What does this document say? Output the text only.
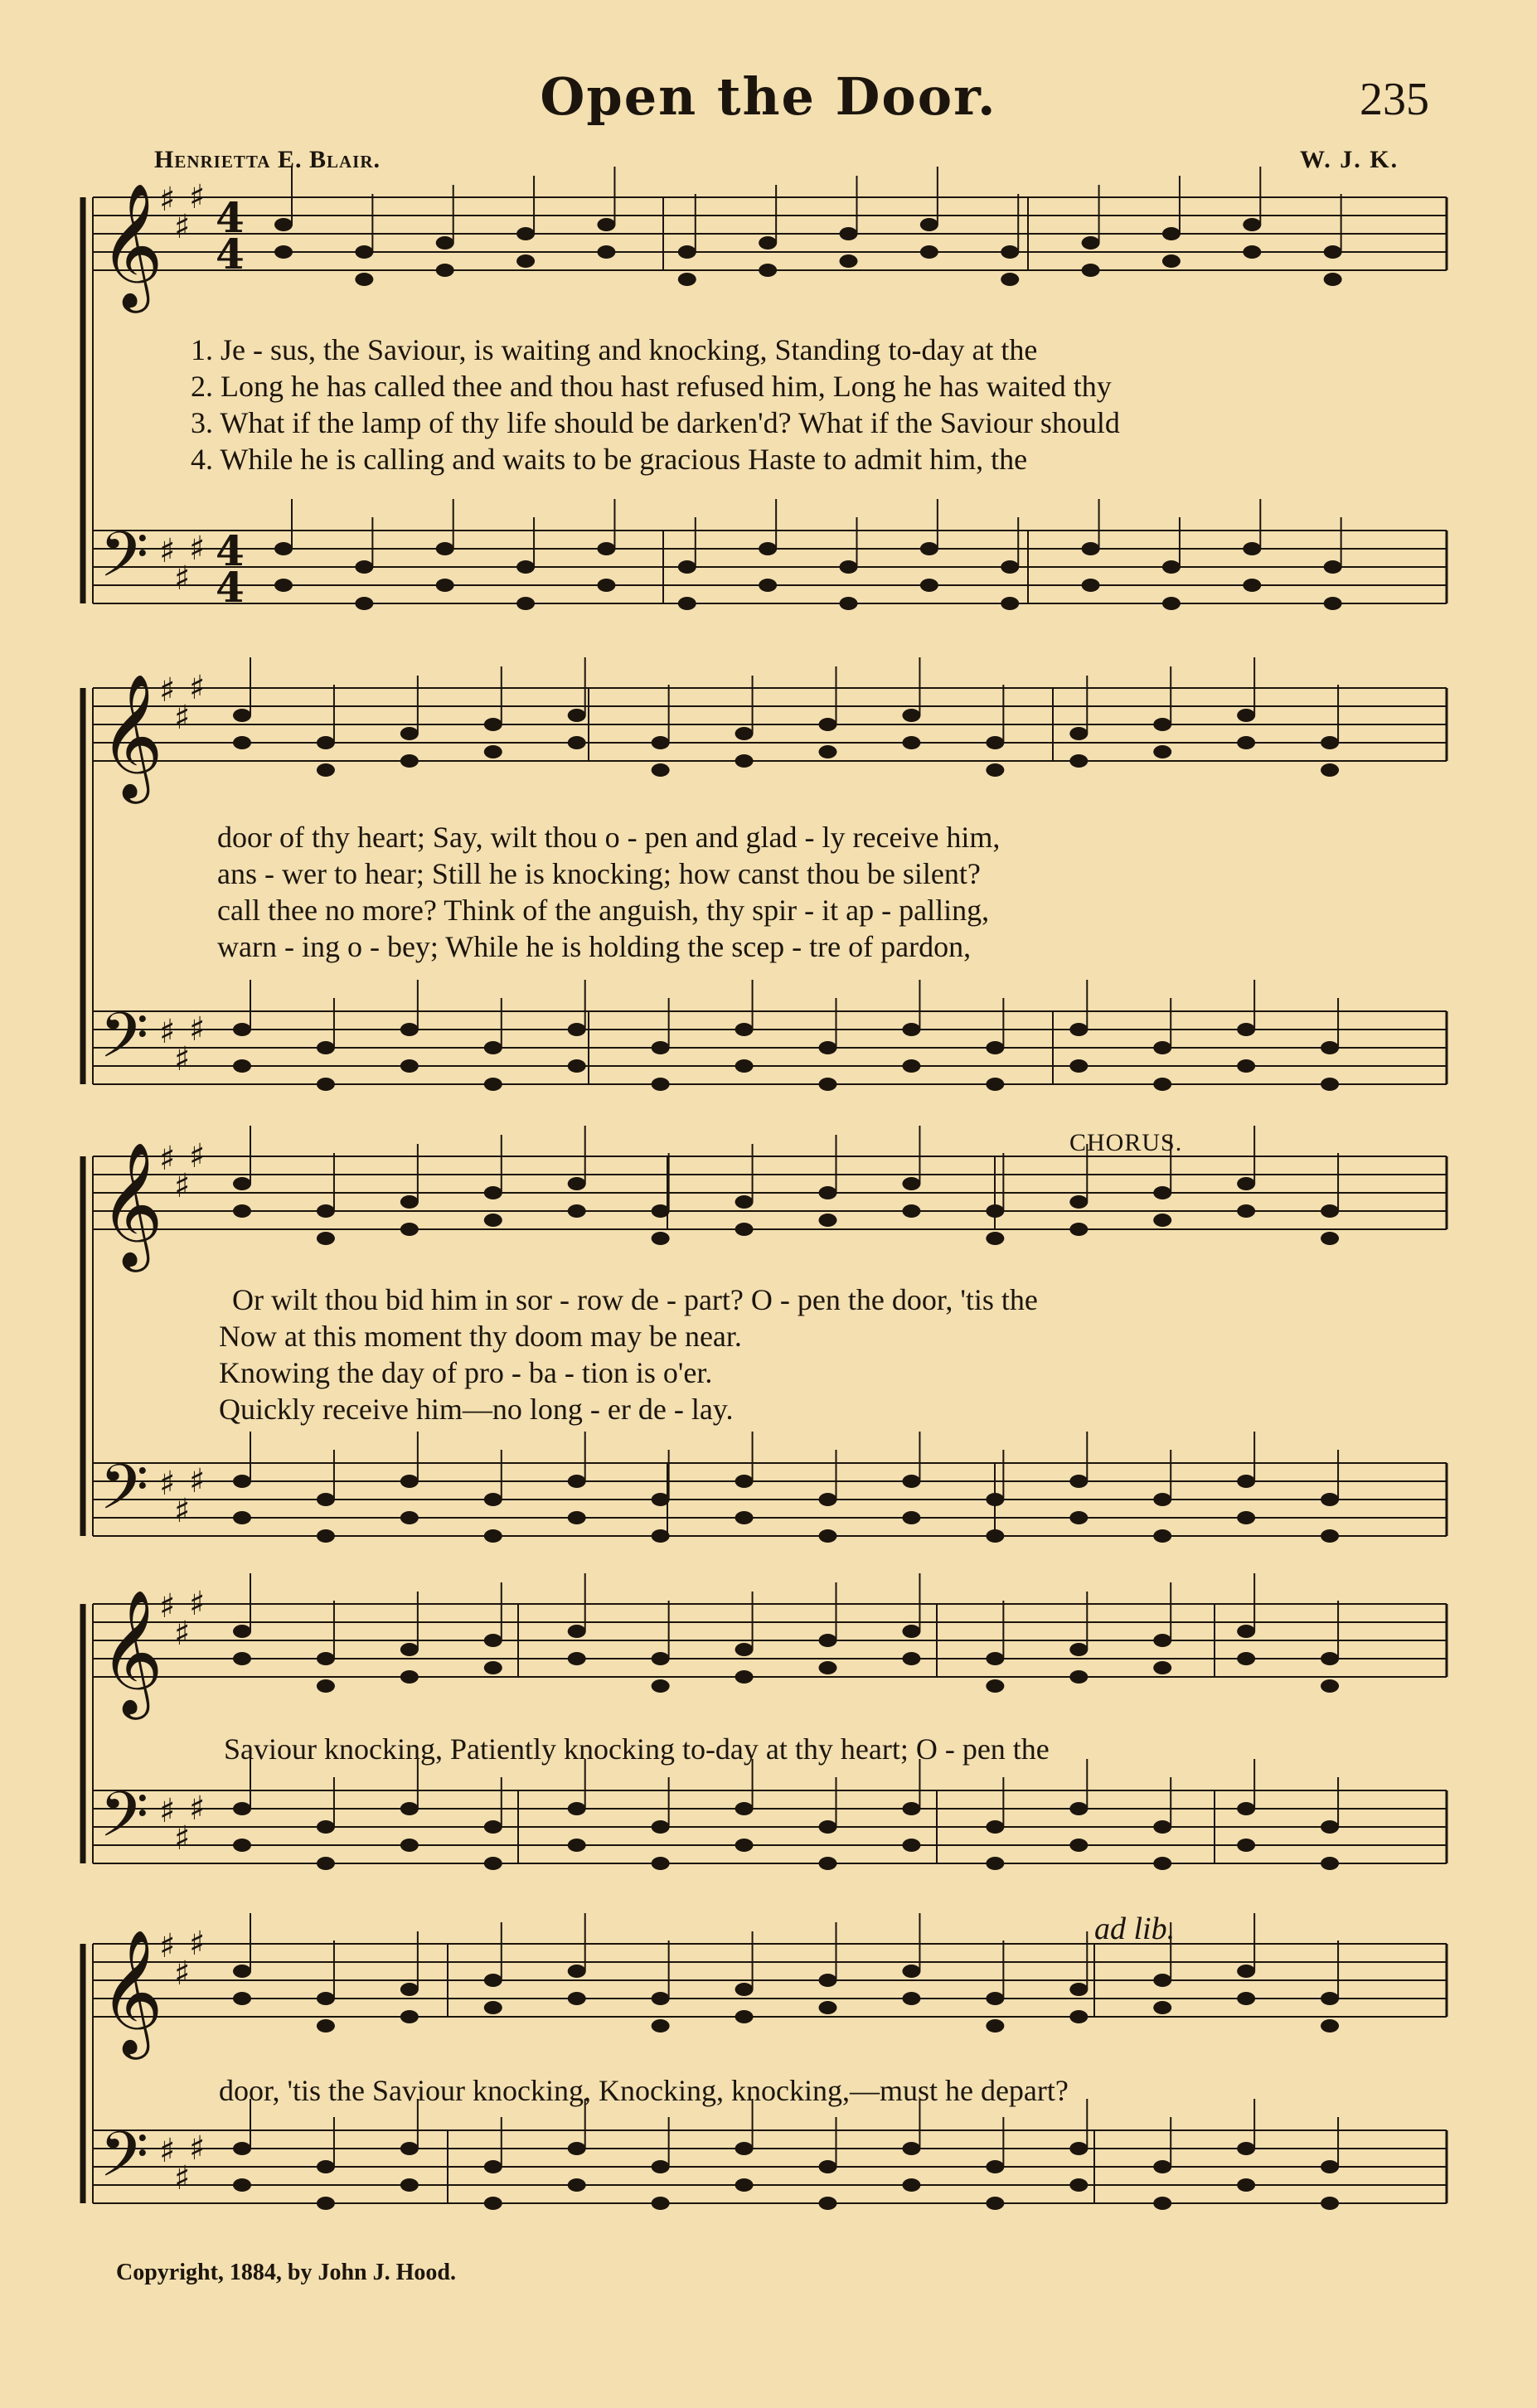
Open the Door.	235
Henrietta E. Blair.	W. J. K.
𝄞
𝄢
♯
♯
♯
♯
♯
♯
4
4
4
4
𝄞
𝄢
♯
♯
♯
♯
♯
♯
𝄞
𝄢
♯
♯
♯
♯
♯
♯
𝄞
𝄢
♯
♯
♯
♯
♯
♯
𝄞
𝄢
♯
♯
♯
♯
♯
♯
1. Je - sus, the Saviour, is waiting and knocking, Standing to-day at the
2. Long he has called thee and thou hast refused him, Long he has waited thy
3. What if the lamp of thy life should be darken'd? What if the Saviour should
4. While he is calling and waits to be gracious Haste to admit him, the
door of thy heart; Say, wilt thou o - pen and glad - ly receive him,
ans - wer to hear; Still he is knocking; how canst thou be silent?
call thee no more? Think of the anguish, thy spir - it ap - palling,
warn - ing o - bey; While he is holding the scep - tre of pardon,
CHORUS.
Or wilt thou bid him in sor - row de - part? O - pen the door, 'tis the
Now at this moment thy doom may be near.
Knowing the day of pro - ba - tion is o'er.
Quickly receive him—no long - er de - lay.
Saviour knocking, Patiently knocking to-day at thy heart; O - pen the
ad lib.
door, 'tis the Saviour knocking, Knocking, knocking,—must he depart?
Copyright, 1884, by John J. Hood.
